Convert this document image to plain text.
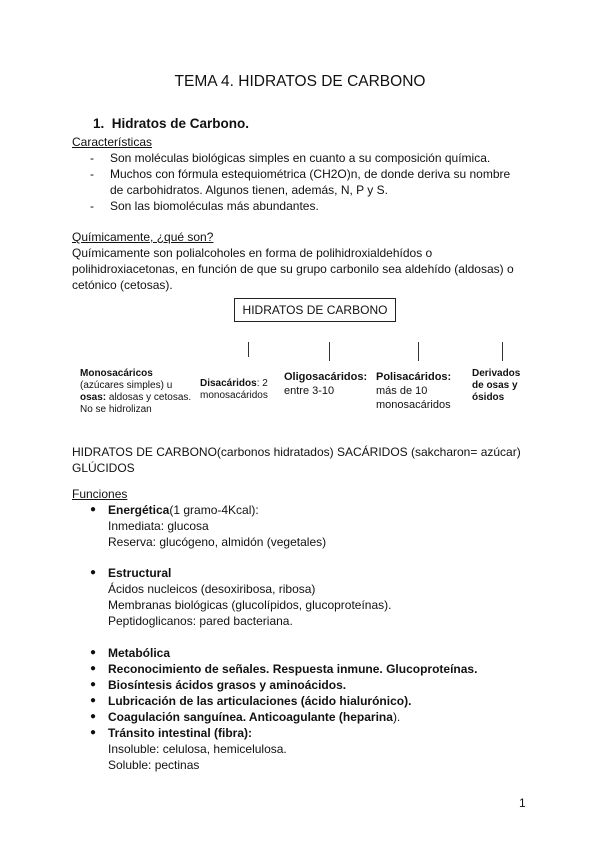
TEMA 4. HIDRATOS DE CARBONO
1. Hidratos de Carbono.
Características
- Son moléculas biológicas simples en cuanto a su composición química.
- Muchos con fórmula estequiométrica (CH2O)n, de donde deriva su nombre
de carbohidratos. Algunos tienen, además, N, P y S.
- Son las biomoléculas más abundantes.
Químicamente, ¿qué son?
Químicamente son polialcoholes en forma de polihidroxialdehídos o
polihidroxiacetonas, en función de que su grupo carbonilo sea aldehído (aldosas) o
cetónico (cetosas).
HIDRATOS DE CARBONO
Monosacáricos
(azúcares simples) u
osas: aldosas y cetosas.
No se hidrolizan
Disacáridos: 2
monosacáridos
Oligosacáridos:
entre 3-10
Polisacáridos:
más de 10
monosacáridos
Derivados
de osas y
ósidos
HIDRATOS DE CARBONO(carbonos hidratados) SACÁRIDOS (sakcharon= azúcar)
GLÚCIDOS
Funciones
● Energética(1 gramo-4Kcal):
Inmediata: glucosa
Reserva: glucógeno, almidón (vegetales)
● Estructural
Ácidos nucleicos (desoxiribosa, ribosa)
Membranas biológicas (glucolípidos, glucoproteínas).
Peptidoglicanos: pared bacteriana.
● Metabólica
● Reconocimiento de señales. Respuesta inmune. Glucoproteínas.
● Biosíntesis ácidos grasos y aminoácidos.
● Lubricación de las articulaciones (ácido hialurónico).
● Coagulación sanguínea. Anticoagulante (heparina).
● Tránsito intestinal (fibra):
Insoluble: celulosa, hemicelulosa.
Soluble: pectinas
1
